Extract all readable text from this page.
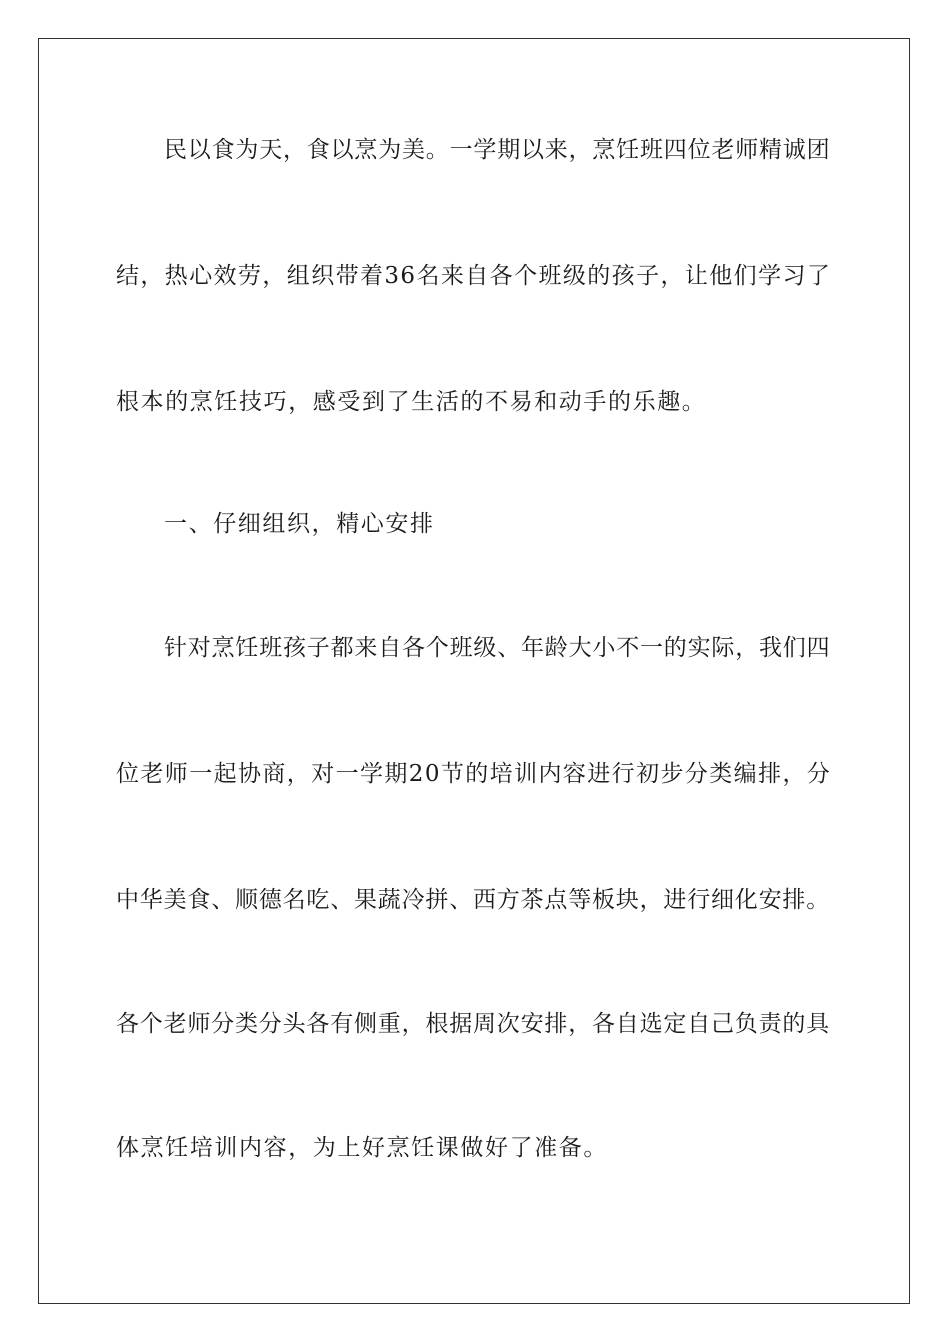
民以食为天，食以烹为美。一学期以来，烹饪班四位老师精诚团

结，热心效劳，组织带着36名来自各个班级的孩子，让他们学习了

根本的烹饪技巧，感受到了生活的不易和动手的乐趣。

一、仔细组织，精心安排

针对烹饪班孩子都来自各个班级、年龄大小不一的实际，我们四

位老师一起协商，对一学期20节的培训内容进行初步分类编排，分

中华美食、顺德名吃、果蔬冷拼、西方茶点等板块，进行细化安排。

各个老师分类分头各有侧重，根据周次安排，各自选定自己负责的具

体烹饪培训内容，为上好烹饪课做好了准备。
